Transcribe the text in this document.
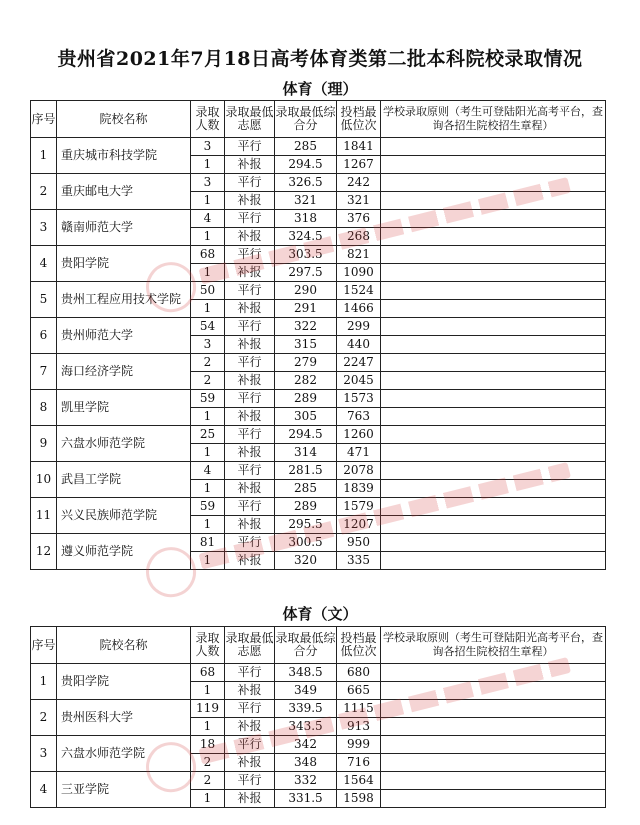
贵州省2021年7月18日高考体育类第二批本科院校录取情况
体育（理）
序号	院校名称	录取人数	录取最低志愿	录取最低综合分	投档最低位次	学校录取原则（考生可登陆阳光高考平台，查询各招生院校招生章程）
1	重庆城市科技学院	3	平行	285	1841	
		1	补报	294.5	1267	
2	重庆邮电大学	3	平行	326.5	242	
		1	补报	321	321	
3	赣南师范大学	4	平行	318	376	
		1	补报	324.5	268	
4	贵阳学院	68	平行	303.5	821	
		1	补报	297.5	1090	
5	贵州工程应用技术学院	50	平行	290	1524	
		1	补报	291	1466	
6	贵州师范大学	54	平行	322	299	
		3	补报	315	440	
7	海口经济学院	2	平行	279	2247	
		2	补报	282	2045	
8	凯里学院	59	平行	289	1573	
		1	补报	305	763	
9	六盘水师范学院	25	平行	294.5	1260	
		1	补报	314	471	
10	武昌工学院	4	平行	281.5	2078	
		1	补报	285	1839	
11	兴义民族师范学院	59	平行	289	1579	
		1	补报	295.5	1207	
12	遵义师范学院	81	平行	300.5	950	
		1	补报	320	335	
体育（文）
序号	院校名称	录取人数	录取最低志愿	录取最低综合分	投档最低位次	学校录取原则（考生可登陆阳光高考平台，查询各招生院校招生章程）
1	贵阳学院	68	平行	348.5	680	
		1	补报	349	665	
2	贵州医科大学	119	平行	339.5	1115	
		1	补报	343.5	913	
3	六盘水师范学院	18	平行	342	999	
		2	补报	348	716	
4	三亚学院	2	平行	332	1564	
		1	补报	331.5	1598	
